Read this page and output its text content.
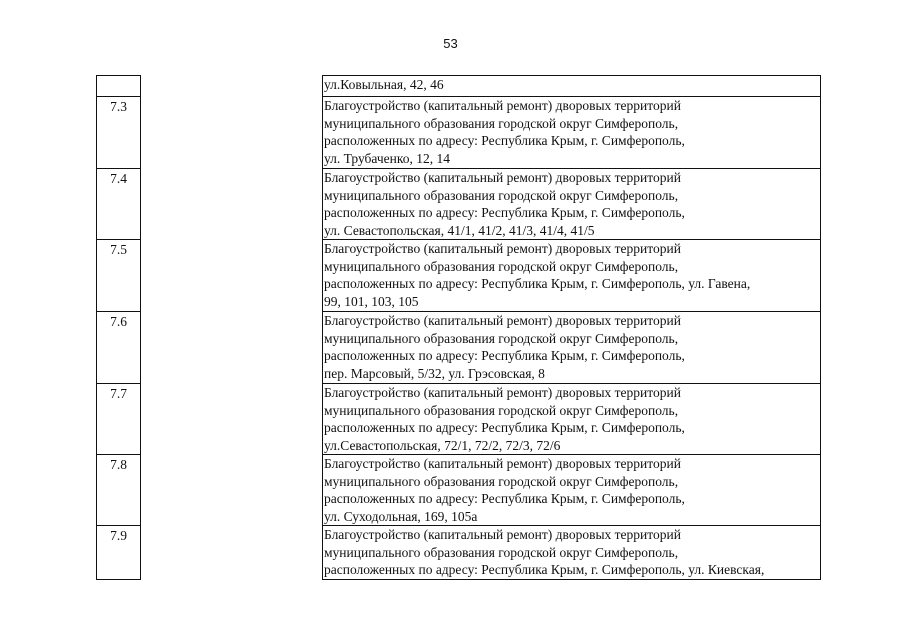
53
7.3
7.4
7.5
7.6
7.7
7.8
7.9
ул.Ковыльная, 42, 46
Благоустройство (капитальный ремонт) дворовых территорий
муниципального образования городской округ Симферополь,
расположенных по адресу: Республика Крым, г. Симферополь,
ул. Трубаченко, 12, 14
Благоустройство (капитальный ремонт) дворовых территорий
муниципального образования городской округ Симферополь,
расположенных по адресу: Республика Крым, г. Симферополь,
ул. Севастопольская, 41/1, 41/2, 41/3, 41/4, 41/5
Благоустройство (капитальный ремонт) дворовых территорий
муниципального образования городской округ Симферополь,
расположенных по адресу: Республика Крым, г. Симферополь, ул. Гавена,
99, 101, 103, 105
Благоустройство (капитальный ремонт) дворовых территорий
муниципального образования городской округ Симферополь,
расположенных по адресу: Республика Крым, г. Симферополь,
пер. Марсовый, 5/32, ул. Грэсовская, 8
Благоустройство (капитальный ремонт) дворовых территорий
муниципального образования городской округ Симферополь,
расположенных по адресу: Республика Крым, г. Симферополь,
ул.Севастопольская, 72/1, 72/2, 72/3, 72/6
Благоустройство (капитальный ремонт) дворовых территорий
муниципального образования городской округ Симферополь,
расположенных по адресу: Республика Крым, г. Симферополь,
ул. Суходольная, 169, 105а
Благоустройство (капитальный ремонт) дворовых территорий
муниципального образования городской округ Симферополь,
расположенных по адресу: Республика Крым, г. Симферополь, ул. Киевская,
